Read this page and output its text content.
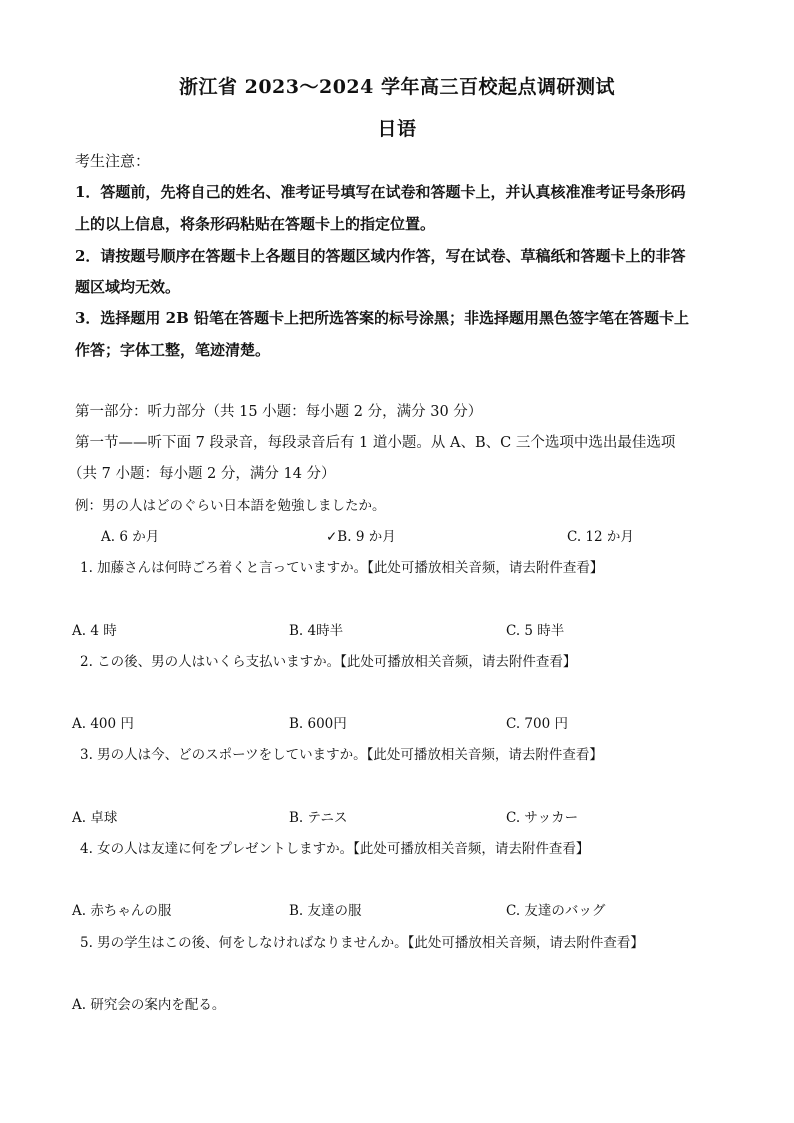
浙江省 2023～2024 学年高三百校起点调研测试
日语
考生注意：
1．答题前，先将自己的姓名、准考证号填写在试卷和答题卡上，并认真核准准考证号条形码
上的以上信息，将条形码粘贴在答题卡上的指定位置。
2．请按题号顺序在答题卡上各题目的答题区域内作答，写在试卷、草稿纸和答题卡上的非答
题区域均无效。
3．选择题用 2B 铅笔在答题卡上把所选答案的标号涂黑；非选择题用黑色签字笔在答题卡上
作答；字体工整，笔迹清楚。
第一部分：听力部分（共 15 小题：每小题 2 分，满分 30 分）
第一节——听下面 7 段录音，每段录音后有 1 道小题。从 A、B、C 三个选项中选出最佳选项
（共 7 小题：每小题 2 分，满分 14 分）
例：男の人はどのぐらい日本語を勉強しましたか。
A. 6 か月	✓B. 9 か月	C. 12 か月
1. 加藤さんは何時ごろ着くと言っていますか。【此处可播放相关音频，请去附件查看】
A. 4 時	B. 4時半	C. 5 時半
2. この後、男の人はいくら支払いますか。【此处可播放相关音频，请去附件查看】
A. 400 円	B. 600円	C. 700 円
3. 男の人は今、どのスポーツをしていますか。【此处可播放相关音频，请去附件查看】
A. 卓球	B. テニス	C. サッカー
4. 女の人は友達に何をプレゼントしますか。【此处可播放相关音频，请去附件查看】
A. 赤ちゃんの服	B. 友達の服	C. 友達のバッグ
5. 男の学生はこの後、何をしなければなりませんか。【此处可播放相关音频，请去附件查看】
A. 研究会の案内を配る。
